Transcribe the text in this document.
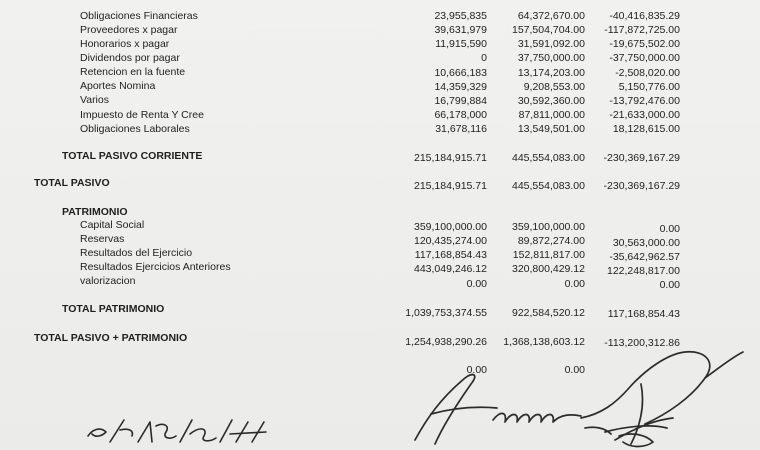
Obligaciones Financieras	23,955,835	64,372,670.00	-40,416,835.29
Proveedores x pagar	39,631,979	157,504,704.00	-117,872,725.00
Honorarios x pagar	11,915,590	31,591,092.00	-19,675,502.00
Dividendos por pagar	0	37,750,000.00	-37,750,000.00
Retencion en la fuente	10,666,183	13,174,203.00	-2,508,020.00
Aportes Nomina	14,359,329	9,208,553.00	5,150,776.00
Varios	16,799,884	30,592,360.00	-13,792,476.00
Impuesto de Renta Y Cree	66,178,000	87,811,000.00	-21,633,000.00
Obligaciones Laborales	31,678,116	13,549,501.00	18,128,615.00
TOTAL PASIVO CORRIENTE	215,184,915.71	445,554,083.00	-230,369,167.29
TOTAL PASIVO	215,184,915.71	445,554,083.00	-230,369,167.29
PATRIMONIO
Capital Social	359,100,000.00	359,100,000.00	0.00
Reservas	120,435,274.00	89,872,274.00	30,563,000.00
Resultados del Ejercicio	117,168,854.43	152,811,817.00	-35,642,962.57
Resultados Ejercicios Anteriores	443,049,246.12	320,800,429.12	122,248,817.00
valorizacion	0.00	0.00	0.00
TOTAL PATRIMONIO	1,039,753,374.55	922,584,520.12	117,168,854.43
TOTAL PASIVO + PATRIMONIO	1,254,938,290.26	1,368,138,603.12	-113,200,312.86
0.00	0.00
